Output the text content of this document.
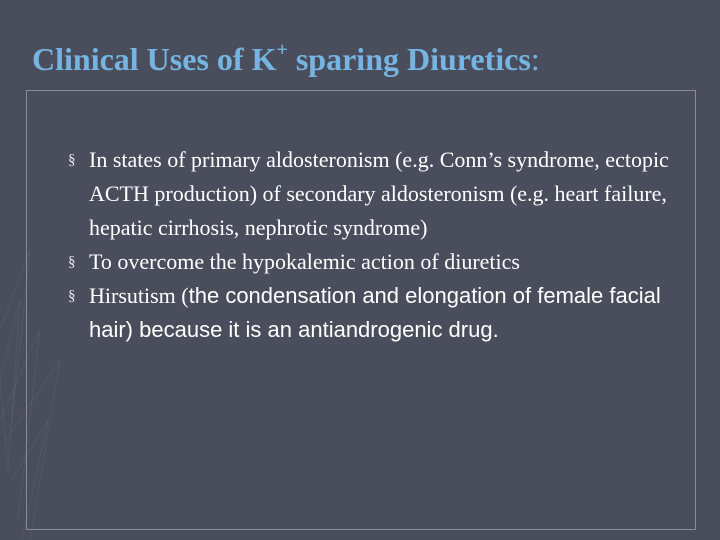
Clinical Uses of K+ sparing Diuretics:
§ In states of primary aldosteronism (e.g. Conn’s syndrome, ectopic ACTH production) of secondary aldosteronism (e.g. heart failure, hepatic cirrhosis, nephrotic syndrome)
§ To overcome the hypokalemic action of diuretics
§ Hirsutism (the condensation and elongation of female facial hair) because it is an antiandrogenic drug.
